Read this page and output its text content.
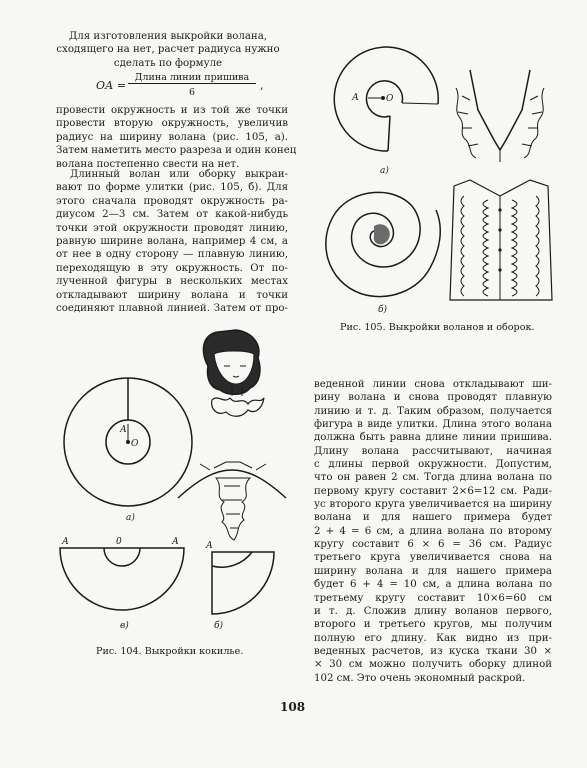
Для изготовления выкройки волана,
сходящего на нет, расчет радиуса нужно
сделать по формуле
ОА =
Длина линии пришива
6
,
провести окружность и из той же точки
провести вторую окружность, увеличив
радиус на ширину волана (рис. 105, а).
Затем наметить место разреза и один конец
волана постепенно свести на нет.
Длинный волан или оборку выкраи-
вают по форме улитки (рис. 105, б). Для
этого сначала проводят окружность ра-
диусом 2—3 см. Затем от какой-нибудь
точки этой окружности проводят линию,
равную ширине волана, например 4 см, а
от нее в одну сторону — плавную линию,
переходящую в эту окружность. От по-
лученной фигуры в нескольких местах
откладывают ширину волана и точки
соединяют плавной линией. Затем от про-
веденной линии снова откладывают ши-
рину волана и снова проводят плавную
линию и т. д. Таким образом, получается
фигура в виде улитки. Длина этого волана
должна быть равна длине линии пришива.
Длину волана рассчитывают, начиная
с длины первой окружности. Допустим,
что он равен 2 см. Тогда длина волана по
первому кругу составит 2×6=12 см. Ради-
ус второго круга увеличивается на ширину
волана и для нашего примера будет
2 + 4 = 6 см, а длина волана по второму
кругу составит 6 × 6 = 36 см. Радиус
третьего круга увеличивается снова на
ширину волана и для нашего примера
будет 6 + 4 = 10 см, а длина волана по
третьему кругу составит 10×6=60 см
и т. д. Сложив длину воланов первого,
второго и третьего кругов, мы получим
полную его длину. Как видно из при-
веденных расчетов, из куска ткани 30 ×
× 30 см можно получить оборку длиной
102 см. Это очень экономный раскрой.
А	О
а)
б)
Рис. 105. Выкройки воланов и оборок.
А
О
а)
А	0	А
в)
А
б)
Рис. 104. Выкройки кокилье.
108
